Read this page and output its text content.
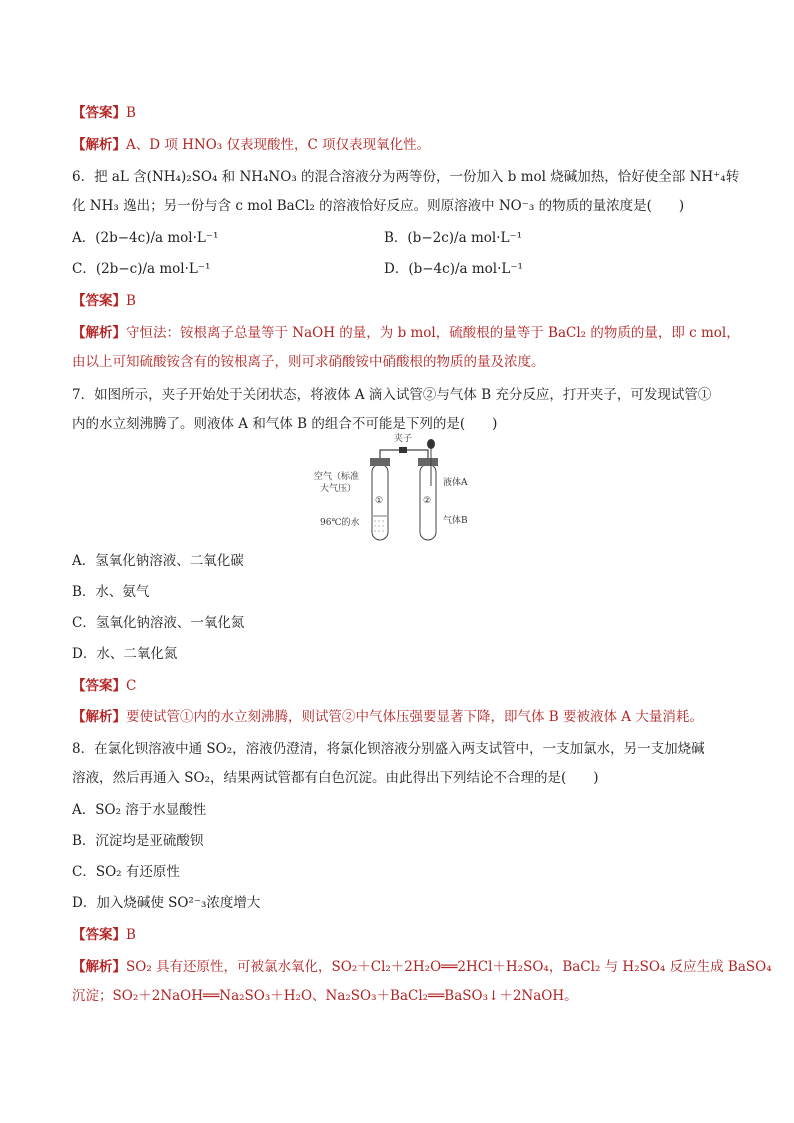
【答案】B
【解析】A、D 项 HNO₃ 仅表现酸性，C 项仅表现氧化性。
6．把 aL 含(NH₄)₂SO₄ 和 NH₄NO₃ 的混合溶液分为两等份，一份加入 b mol 烧碱加热，恰好使全部 NH⁺₄转
化 NH₃ 逸出；另一份与含 c mol BaCl₂ 的溶液恰好反应。则原溶液中 NO⁻₃ 的物质的量浓度是(　　)
A．(2b−4c)/a mol·L⁻¹	B．(b−2c)/a mol·L⁻¹
C．(2b−c)/a mol·L⁻¹	D．(b−4c)/a mol·L⁻¹
【答案】B
【解析】守恒法：铵根离子总量等于 NaOH 的量，为 b mol，硫酸根的量等于 BaCl₂ 的物质的量，即 c mol，
由以上可知硫酸铵含有的铵根离子，则可求硝酸铵中硝酸根的物质的量及浓度。
7．如图所示，夹子开始处于关闭状态，将液体 A 滴入试管②与气体 B 充分反应，打开夹子，可发现试管①
内的水立刻沸腾了。则液体 A 和气体 B 的组合不可能是下列的是(　　)
夹子
空气（标准
大气压）
①	②
96℃的水
液体A
气体B
A．氢氧化钠溶液、二氧化碳
B．水、氨气
C．氢氧化钠溶液、一氧化氮
D．水、二氧化氮
【答案】C
【解析】要使试管①内的水立刻沸腾，则试管②中气体压强要显著下降，即气体 B 要被液体 A 大量消耗。
8．在氯化钡溶液中通 SO₂，溶液仍澄清，将氯化钡溶液分别盛入两支试管中，一支加氯水，另一支加烧碱
溶液，然后再通入 SO₂，结果两试管都有白色沉淀。由此得出下列结论不合理的是(　　)
A．SO₂ 溶于水显酸性
B．沉淀均是亚硫酸钡
C．SO₂ 有还原性
D．加入烧碱使 SO²⁻₃浓度增大
【答案】B
【解析】SO₂ 具有还原性，可被氯水氧化，SO₂＋Cl₂＋2H₂O══2HCl＋H₂SO₄，BaCl₂ 与 H₂SO₄ 反应生成 BaSO₄
沉淀；SO₂＋2NaOH══Na₂SO₃＋H₂O、Na₂SO₃＋BaCl₂══BaSO₃↓＋2NaOH。
